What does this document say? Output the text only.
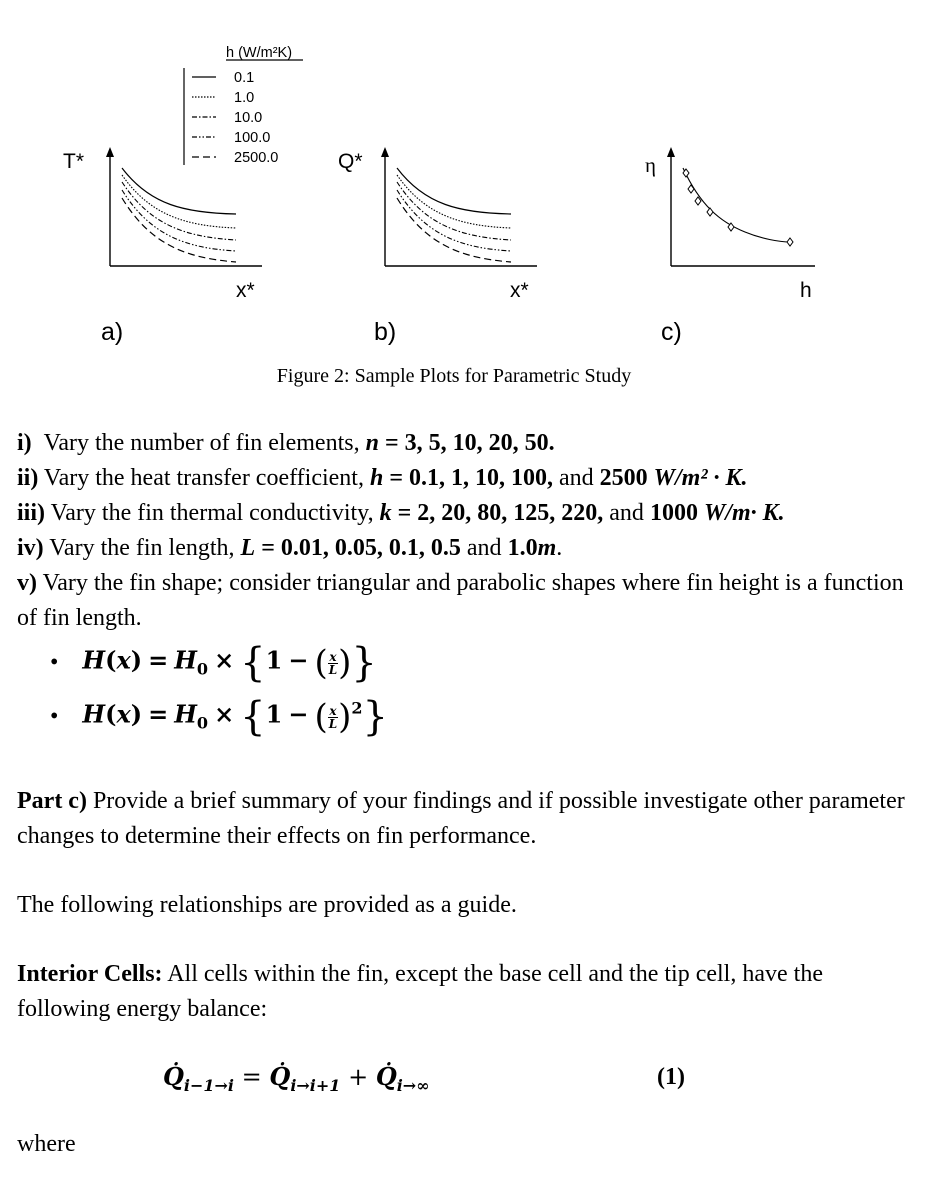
h (W/m²K)
0.1
1.0
10.0
100.0
2500.0
T*
x*
a)
Q*
x*
b)
η
h
c)
Figure 2: Sample Plots for Parametric Study
i) Vary the number of fin elements, n = 3, 5, 10, 20, 50.
ii) Vary the heat transfer coefficient, h = 0.1, 1, 10, 100, and 2500 W/m² · K.
iii) Vary the fin thermal conductivity, k = 2, 20, 80, 125, 220, and 1000 W/m· K.
iv) Vary the fin length, L = 0.01, 0.05, 0.1, 0.5 and 1.0m.
v) Vary the fin shape; consider triangular and parabolic shapes where fin height is a function of fin length.
• $H(x) = H_0 \times \{1$ − ( $\frac{x}{L}$ )}
• $H(x) = H_0 \times \{1$ − ( $\frac{x}{L} )^2$}
Part c) Provide a brief summary of your findings and if possible investigate other parameter changes to determine their effects on fin performance.
The following relationships are provided as a guide.
Interior Cells: All cells within the fin, except the base cell and the tip cell, have the following energy balance:
$Q̇_{i-1\to i}$ = $Q̇_{i\to i+1}$ + $Q̇_{i\to\infty}$	(1)
where
